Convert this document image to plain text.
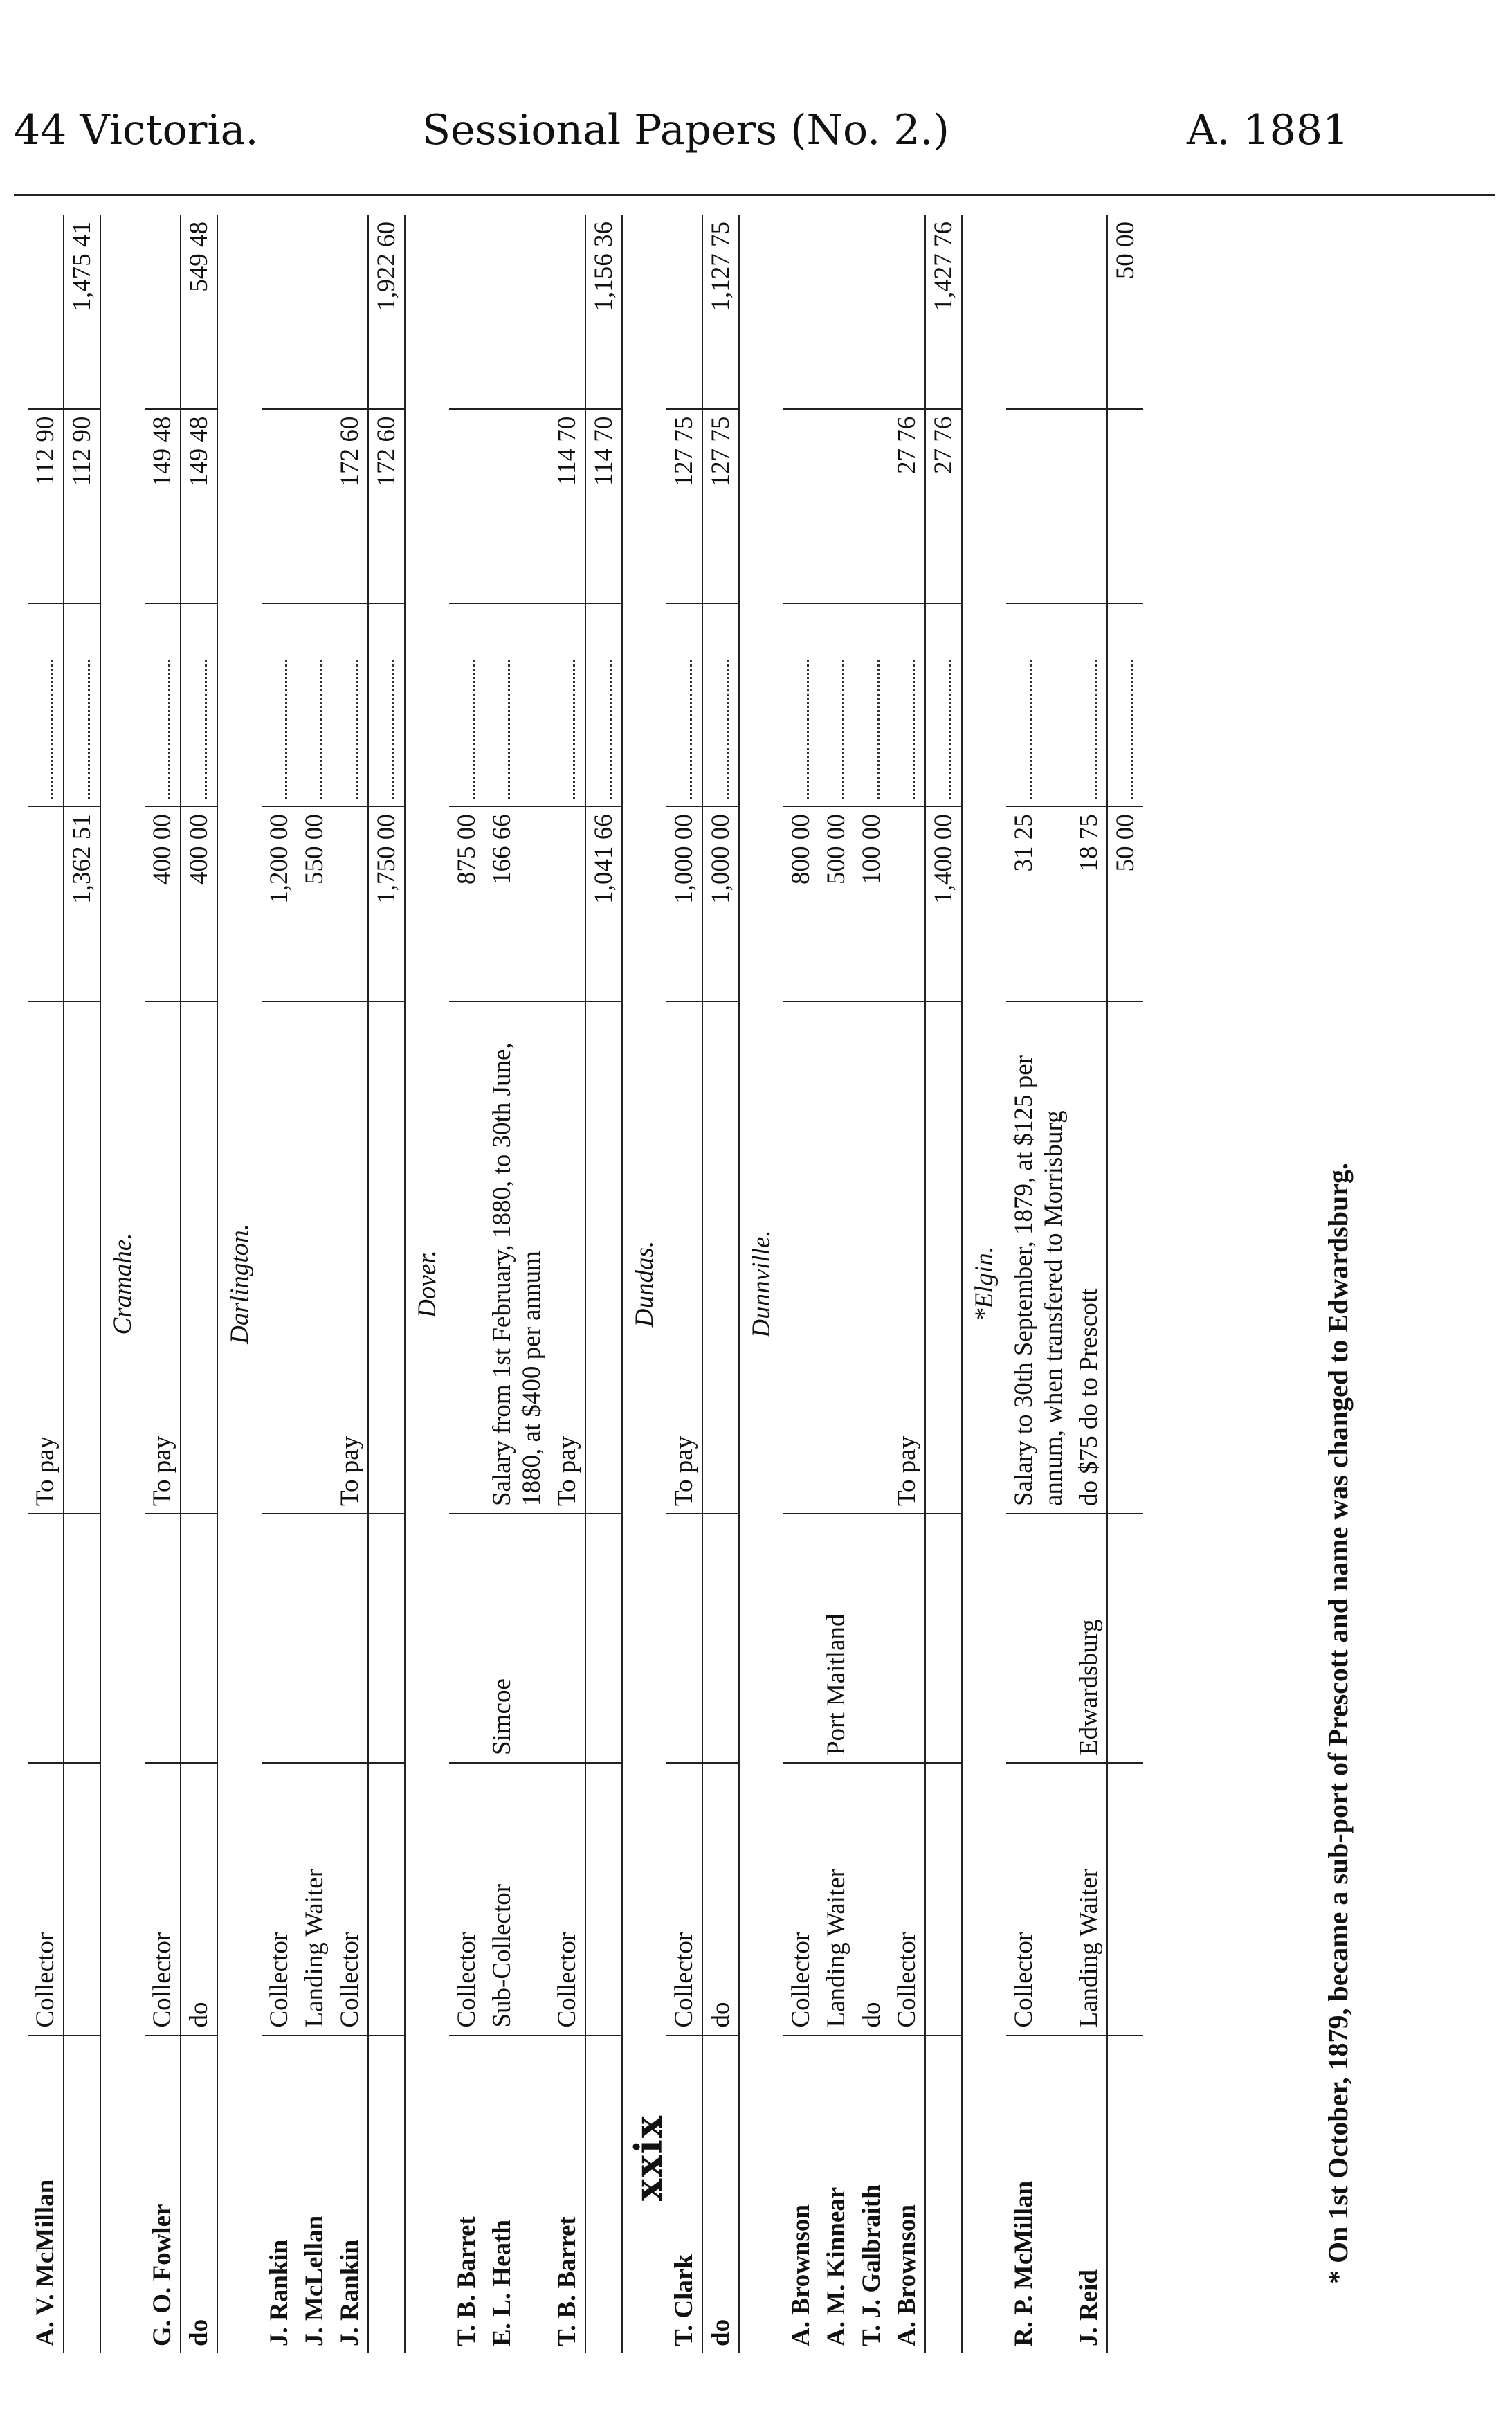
44 Victoria.	Sessional Papers (No. 2.)	A. 1881
A. V. McMillan	Collector		To pay			112 90	
				1,362 51		112 90	1,475 41
Cramahe.							
G. O. Fowler	Collector		To pay	400 00		149 48	
do	do			400 00		149 48	549 48
Darlington.							
J. Rankin	Collector			1,200 00			
J. McLellan	Landing Waiter			550 00			
J. Rankin	Collector		To pay			172 60	
				1,750 00		172 60	1,922 60
Dover.							
T. B. Barret	Collector			875 00			
E. L. Heath	Sub-Collector	Simcoe	Salary from 1st February, 1880, to 30th June, 1880, at $400 per annum	166 66			
T. B. Barret	Collector		To pay			114 70	
				1,041 66		114 70	1,156 36
Dundas.							
T. Clark	Collector		To pay	1,000 00		127 75	
do	do			1,000 00		127 75	1,127 75
Dunnville.							
A. Brownson	Collector			800 00			
A. M. Kinnear	Landing Waiter	Port Maitland		500 00			
T. J. Galbraith	do			100 00			
A. Brownson	Collector		To pay			27 76	
				1,400 00		27 76	1,427 76
*Elgin.							
R. P. McMillan	Collector		Salary to 30th September, 1879, at $125 per annum, when transfered to Morrisburg	31 25			
J. Reid	Landing Waiter	Edwardsburg	do $75 do to Prescott	18 75			
				50 00			50 00
xxix	* On 1st October, 1879, became a sub-port of Prescott and name was changed to Edwardsburg.
